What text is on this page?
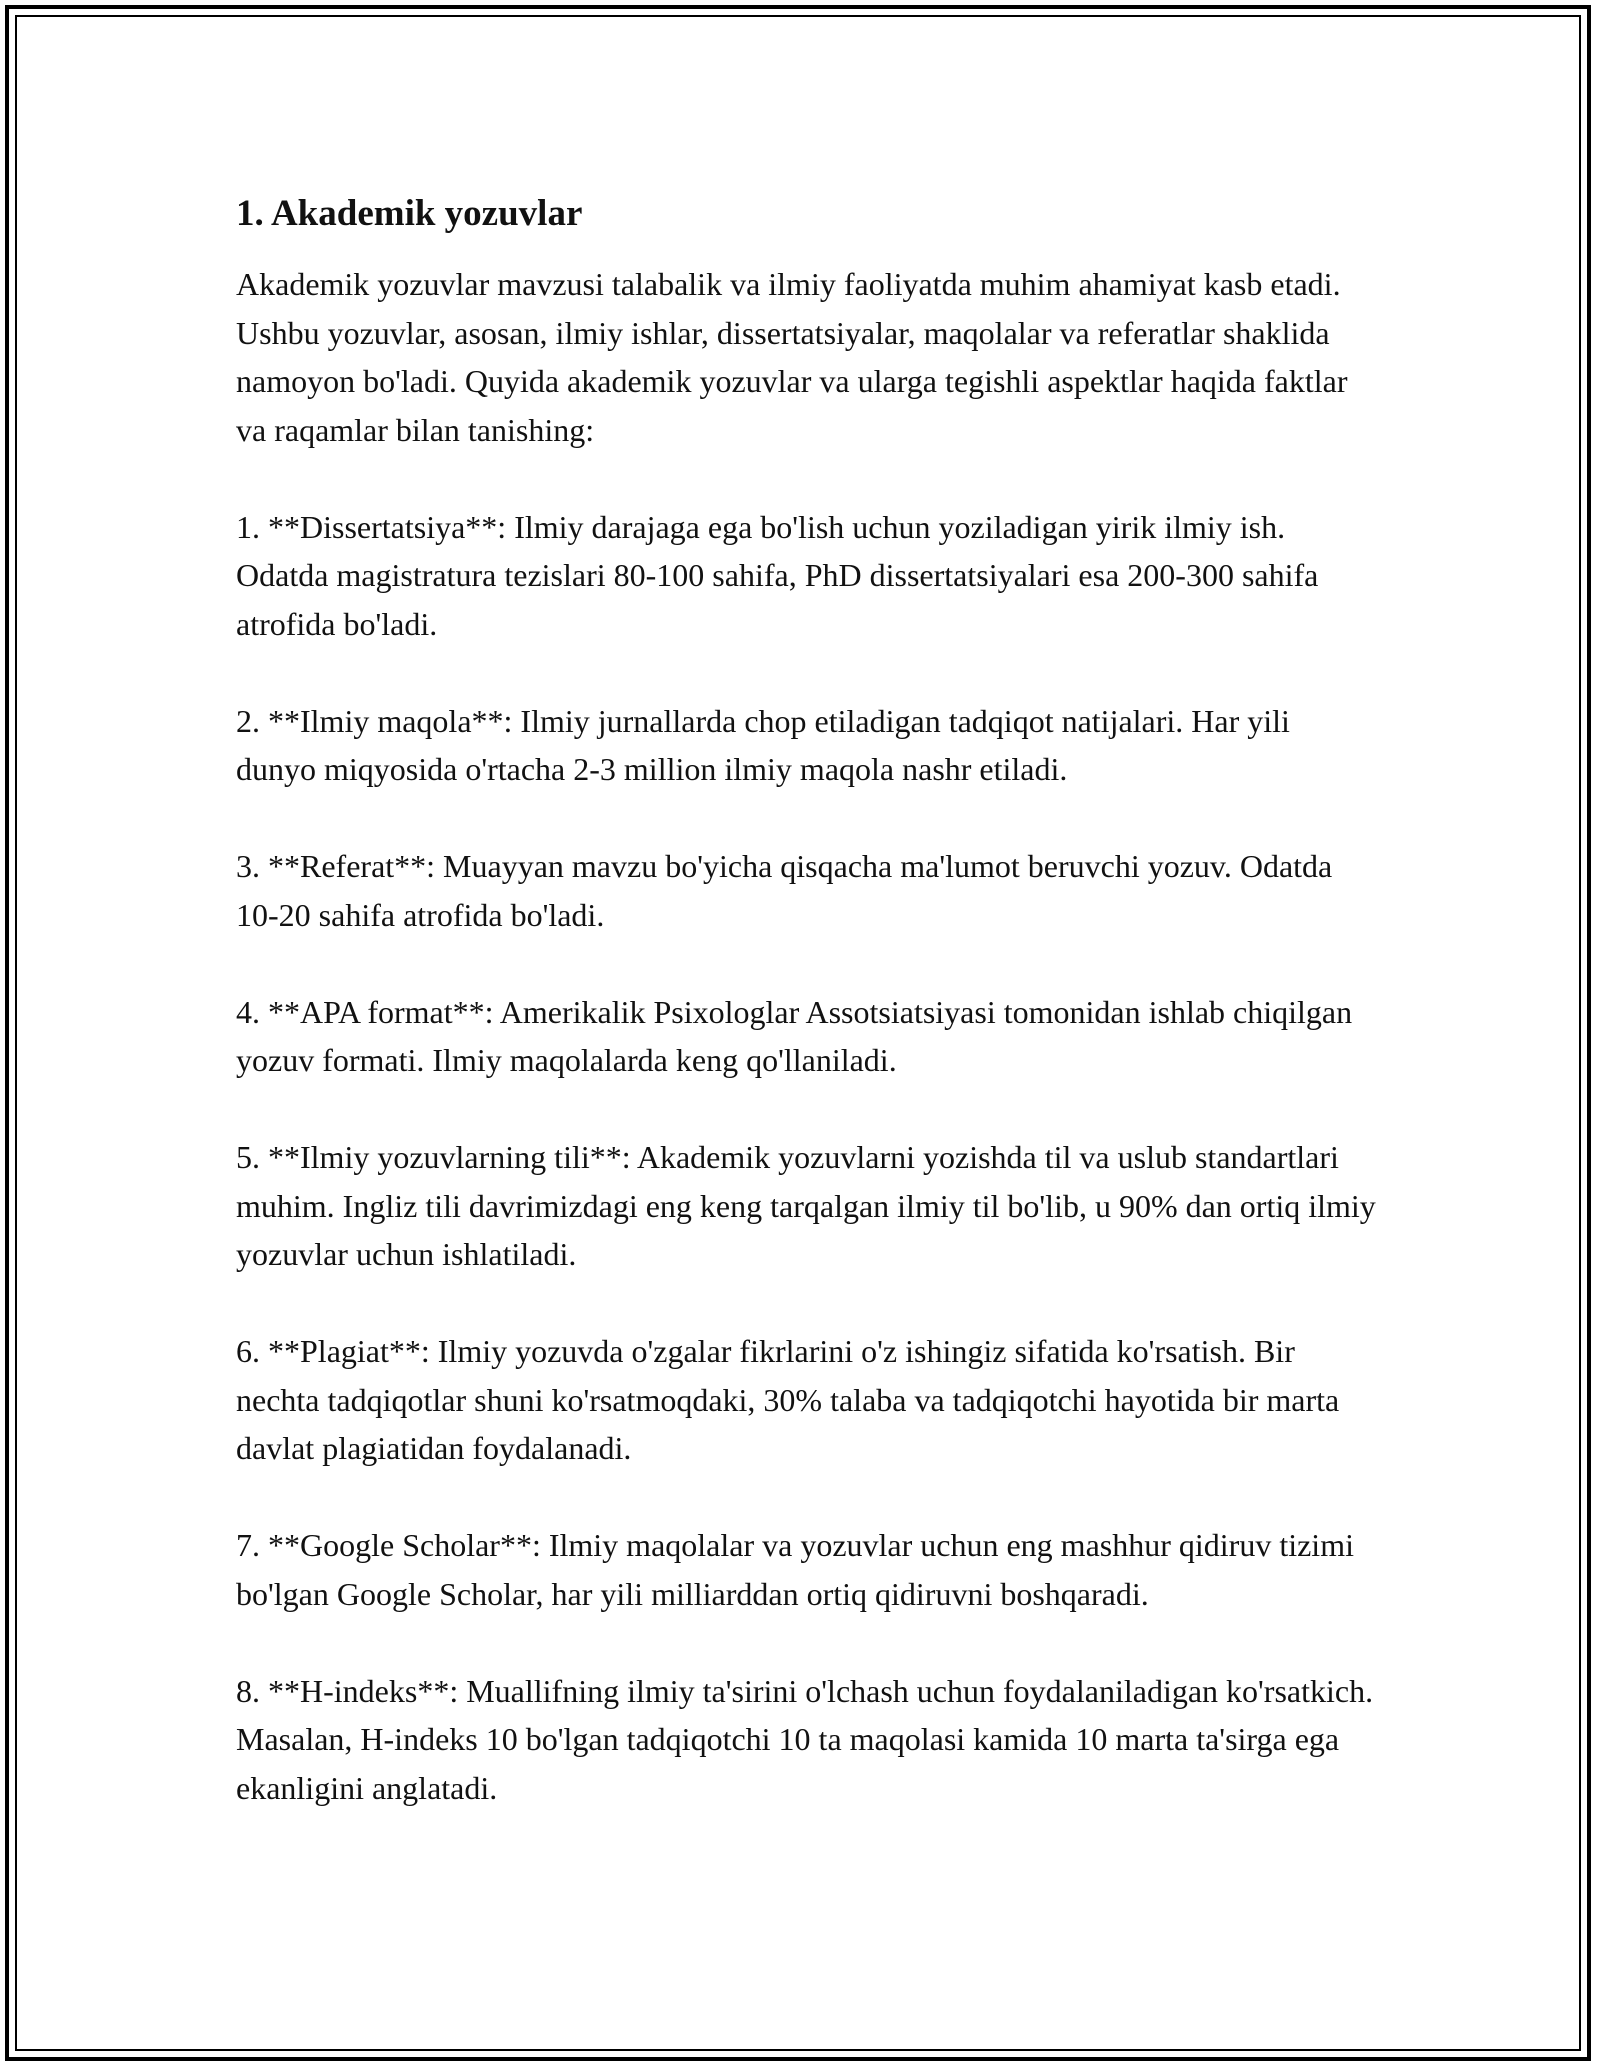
1. Akademik yozuvlar

Akademik yozuvlar mavzusi talabalik va ilmiy faoliyatda muhim ahamiyat kasb etadi. Ushbu yozuvlar, asosan, ilmiy ishlar, dissertatsiyalar, maqolalar va referatlar shaklida namoyon bo'ladi. Quyida akademik yozuvlar va ularga tegishli aspektlar haqida faktlar va raqamlar bilan tanishing:

1. **Dissertatsiya**: Ilmiy darajaga ega bo'lish uchun yoziladigan yirik ilmiy ish. Odatda magistratura tezislari 80-100 sahifa, PhD dissertatsiyalari esa 200-300 sahifa atrofida bo'ladi.

2. **Ilmiy maqola**: Ilmiy jurnallarda chop etiladigan tadqiqot natijalari. Har yili dunyo miqyosida o'rtacha 2-3 million ilmiy maqola nashr etiladi.

3. **Referat**: Muayyan mavzu bo'yicha qisqacha ma'lumot beruvchi yozuv. Odatda 10-20 sahifa atrofida bo'ladi.

4. **APA format**: Amerikalik Psixologlar Assotsiatsiyasi tomonidan ishlab chiqilgan yozuv formati. Ilmiy maqolalarda keng qo'llaniladi.

5. **Ilmiy yozuvlarning tili**: Akademik yozuvlarni yozishda til va uslub standartlari muhim. Ingliz tili davrimizdagi eng keng tarqalgan ilmiy til bo'lib, u 90% dan ortiq ilmiy yozuvlar uchun ishlatiladi.

6. **Plagiat**: Ilmiy yozuvda o'zgalar fikrlarini o'z ishingiz sifatida ko'rsatish. Bir nechta tadqiqotlar shuni ko'rsatmoqdaki, 30% talaba va tadqiqotchi hayotida bir marta davlat plagiatidan foydalanadi.

7. **Google Scholar**: Ilmiy maqolalar va yozuvlar uchun eng mashhur qidiruv tizimi bo'lgan Google Scholar, har yili milliarddan ortiq qidiruvni boshqaradi.

8. **H-indeks**: Muallifning ilmiy ta'sirini o'lchash uchun foydalaniladigan ko'rsatkich. Masalan, H-indeks 10 bo'lgan tadqiqotchi 10 ta maqolasi kamida 10 marta ta'sirga ega ekanligini anglatadi.
